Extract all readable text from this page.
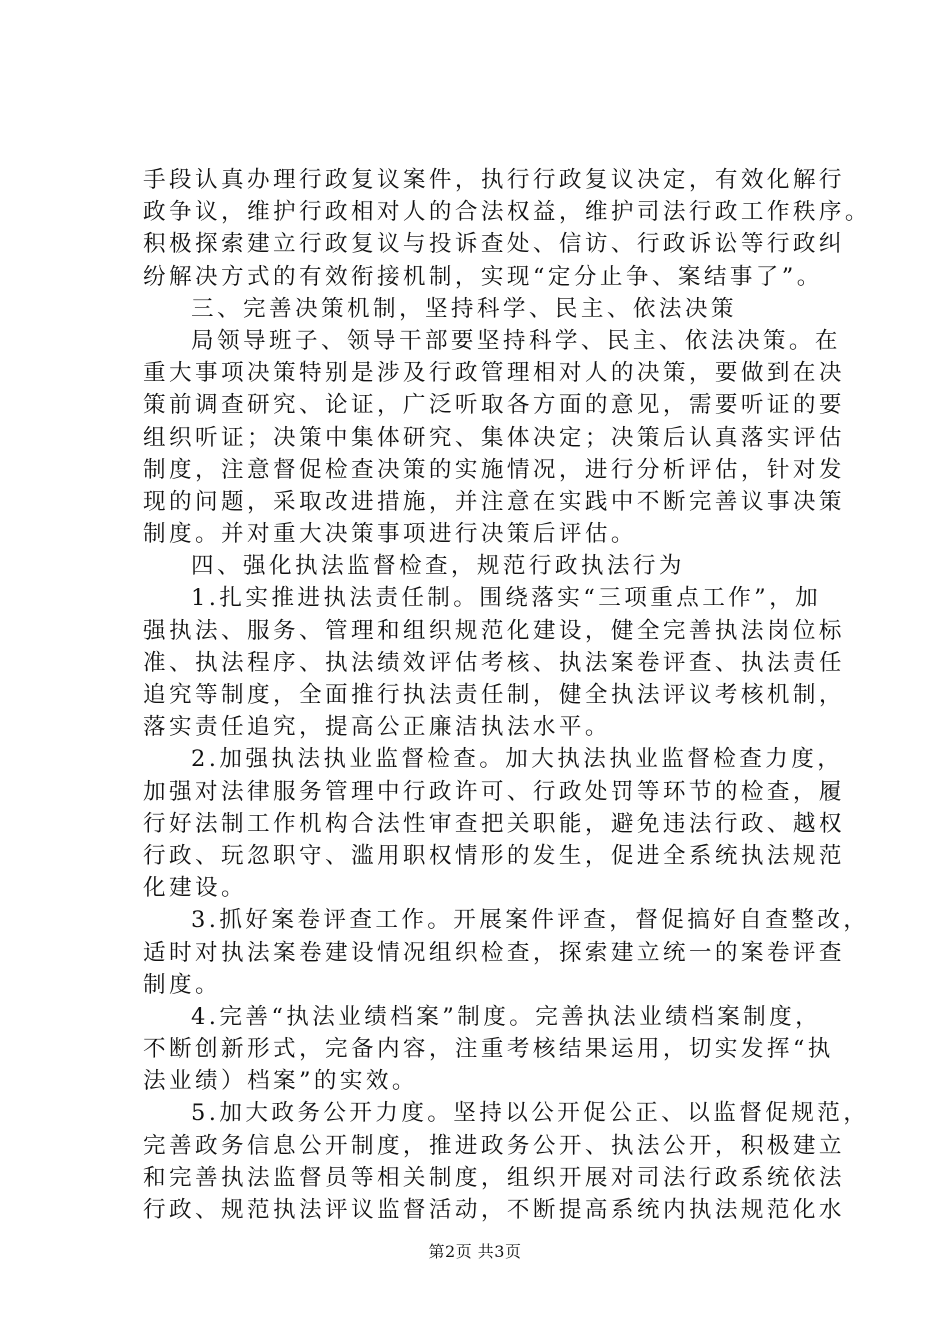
手段认真办理行政复议案件，执行行政复议决定，有效化解行
政争议，维护行政相对人的合法权益，维护司法行政工作秩序。
积极探索建立行政复议与投诉查处、信访、行政诉讼等行政纠
纷解决方式的有效衔接机制，实现“定分止争、案结事了”。
三、完善决策机制，坚持科学、民主、依法决策
局领导班子、领导干部要坚持科学、民主、依法决策。在
重大事项决策特别是涉及行政管理相对人的决策，要做到在决
策前调查研究、论证，广泛听取各方面的意见，需要听证的要
组织听证；决策中集体研究、集体决定；决策后认真落实评估
制度，注意督促检查决策的实施情况，进行分析评估，针对发
现的问题，采取改进措施，并注意在实践中不断完善议事决策
制度。并对重大决策事项进行决策后评估。
四、强化执法监督检查，规范行政执法行为
1.扎实推进执法责任制。围绕落实“三项重点工作”，加
强执法、服务、管理和组织规范化建设，健全完善执法岗位标
准、执法程序、执法绩效评估考核、执法案卷评查、执法责任
追究等制度，全面推行执法责任制，健全执法评议考核机制，
落实责任追究，提高公正廉洁执法水平。
2.加强执法执业监督检查。加大执法执业监督检查力度，
加强对法律服务管理中行政许可、行政处罚等环节的检查，履
行好法制工作机构合法性审查把关职能，避免违法行政、越权
行政、玩忽职守、滥用职权情形的发生，促进全系统执法规范
化建设。
3.抓好案卷评查工作。开展案件评查，督促搞好自查整改，
适时对执法案卷建设情况组织检查，探索建立统一的案卷评查
制度。
4.完善“执法业绩档案”制度。完善执法业绩档案制度，
不断创新形式，完备内容，注重考核结果运用，切实发挥“执
法业绩）档案”的实效。
5.加大政务公开力度。坚持以公开促公正、以监督促规范，
完善政务信息公开制度，推进政务公开、执法公开，积极建立
和完善执法监督员等相关制度，组织开展对司法行政系统依法
行政、规范执法评议监督活动，不断提高系统内执法规范化水
第2页 共3页
